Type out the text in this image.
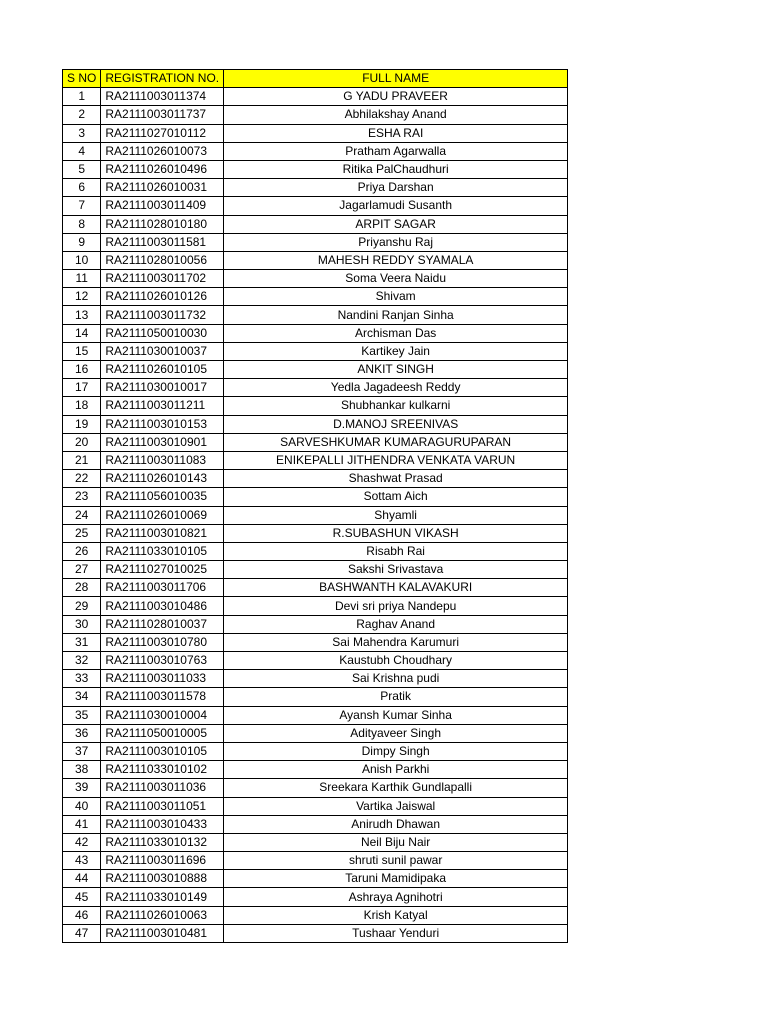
S NO	REGISTRATION NO.	FULL NAME
1	RA2111003011374	G YADU PRAVEER
2	RA2111003011737	Abhilakshay Anand
3	RA2111027010112	ESHA RAI
4	RA2111026010073	Pratham Agarwalla
5	RA2111026010496	Ritika PalChaudhuri
6	RA2111026010031	Priya Darshan
7	RA2111003011409	Jagarlamudi Susanth
8	RA2111028010180	ARPIT SAGAR
9	RA2111003011581	Priyanshu Raj
10	RA2111028010056	MAHESH REDDY SYAMALA
11	RA2111003011702	Soma Veera Naidu
12	RA2111026010126	Shivam
13	RA2111003011732	Nandini Ranjan Sinha
14	RA2111050010030	Archisman Das
15	RA2111030010037	Kartikey Jain
16	RA2111026010105	ANKIT SINGH
17	RA2111030010017	Yedla Jagadeesh Reddy
18	RA2111003011211	Shubhankar kulkarni
19	RA2111003010153	D.MANOJ SREENIVAS
20	RA2111003010901	SARVESHKUMAR KUMARAGURUPARAN
21	RA2111003011083	ENIKEPALLI JITHENDRA VENKATA VARUN
22	RA2111026010143	Shashwat Prasad
23	RA2111056010035	Sottam Aich
24	RA2111026010069	Shyamli
25	RA2111003010821	R.SUBASHUN VIKASH
26	RA2111033010105	Risabh Rai
27	RA2111027010025	Sakshi Srivastava
28	RA2111003011706	BASHWANTH KALAVAKURI
29	RA2111003010486	Devi sri priya Nandepu
30	RA2111028010037	Raghav Anand
31	RA2111003010780	Sai Mahendra Karumuri
32	RA2111003010763	Kaustubh Choudhary
33	RA2111003011033	Sai Krishna pudi
34	RA2111003011578	Pratik
35	RA2111030010004	Ayansh Kumar Sinha
36	RA2111050010005	Adityaveer Singh
37	RA2111003010105	Dimpy Singh
38	RA2111033010102	Anish Parkhi
39	RA2111003011036	Sreekara Karthik Gundlapalli
40	RA2111003011051	Vartika Jaiswal
41	RA2111003010433	Anirudh Dhawan
42	RA2111033010132	Neil Biju Nair
43	RA2111003011696	shruti sunil pawar
44	RA2111003010888	Taruni Mamidipaka
45	RA2111033010149	Ashraya Agnihotri
46	RA2111026010063	Krish Katyal
47	RA2111003010481	Tushaar Yenduri
